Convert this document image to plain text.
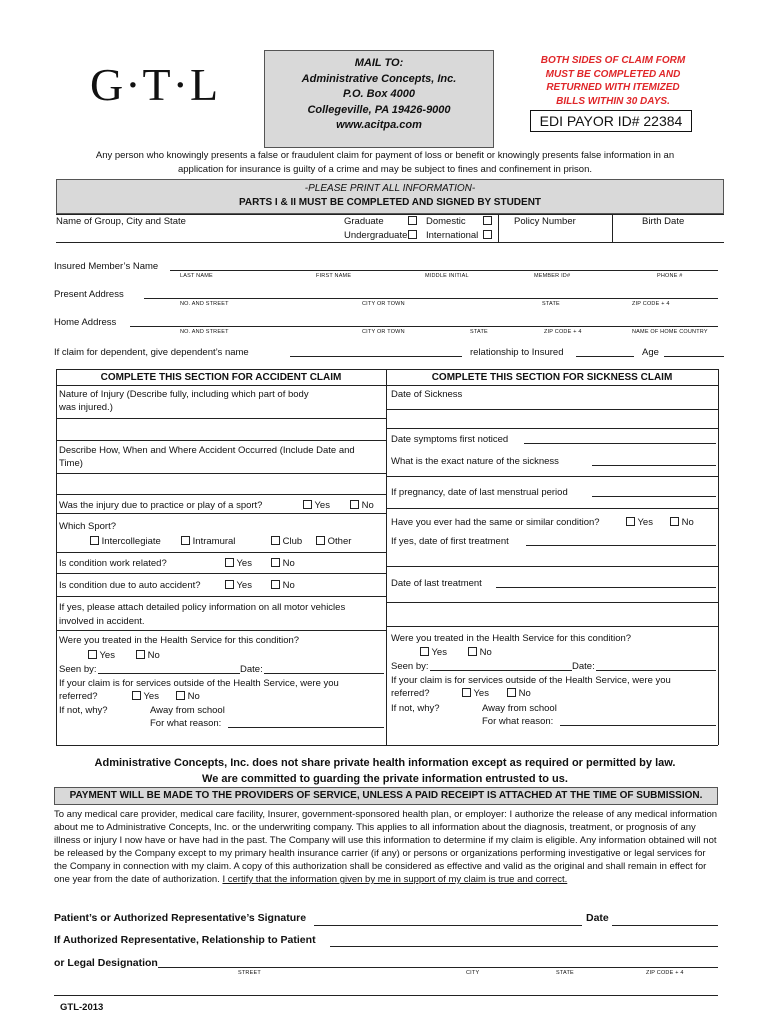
G·T·L	MAIL TO:
Administrative Concepts, Inc.
P.O. Box 4000
Collegeville, PA 19426-9000
www.acitpa.com
BOTH SIDES OF CLAIM FORM
MUST BE COMPLETED AND
RETURNED WITH ITEMIZED
BILLS WITHIN 30 DAYS.
EDI PAYOR ID# 22384
Any person who knowingly presents a false or fraudulent claim for payment of loss or benefit or knowingly presents false information in an
application for insurance is guilty of a crime and may be subject to fines and confinement in prison.
-PLEASE PRINT ALL INFORMATION-
PARTS I & II MUST BE COMPLETED AND SIGNED BY STUDENT
Name of Group, City and State	Graduate	Domestic
Undergraduate International
Policy Number	Birth Date
Insured Member’s Name
LAST NAME	FIRST NAME	MIDDLE INITIAL	MEMBER ID#	PHONE #
Present Address
NO. AND STREET	CITY OR TOWN	STATE	ZIP CODE + 4
Home Address
NO. AND STREET	CITY OR TOWN	STATE	ZIP CODE + 4	NAME OF HOME COUNTRY
If claim for dependent, give dependent’s name	relationship to Insured	Age
COMPLETE THIS SECTION FOR ACCIDENT CLAIM	COMPLETE THIS SECTION FOR SICKNESS CLAIM
Nature of Injury (Describe fully, including which part of body
was injured.)
Describe How, When and Where Accident Occurred (Include Date and
Time)
Was the injury due to practice or play of a sport?	Yes	No
Which Sport?
Intercollegiate	Intramural	Club	Other
Is condition work related?	Yes	No
Is condition due to auto accident?	Yes	No
If yes, please attach detailed policy information on all motor vehicles
involved in accident.
Were you treated in the Health Service for this condition?
Yes	No
Seen by:	Date:
If your claim is for services outside of the Health Service, were you
referred?	Yes	No
If not, why?	Away from school
For what reason:
Date of Sickness
Date symptoms first noticed
What is the exact nature of the sickness
If pregnancy, date of last menstrual period
Have you ever had the same or similar condition?	Yes	No
If yes, date of first treatment
Date of last treatment
Were you treated in the Health Service for this condition?
Yes	No
Seen by:	Date:
If your claim is for services outside of the Health Service, were you
referred?	Yes	No
If not, why?	Away from school
For what reason:
Administrative Concepts, Inc. does not share private health information except as required or permitted by law.
We are committed to guarding the private information entrusted to us.
PAYMENT WILL BE MADE TO THE PROVIDERS OF SERVICE, UNLESS A PAID RECEIPT IS ATTACHED AT THE TIME OF SUBMISSION.
To any medical care provider, medical care facility, Insurer, government-sponsored health plan, or employer: I authorize the release of any medical information about me to Administrative Concepts, Inc. or the underwriting company. This applies to all information about the diagnosis, treatment, or prognosis of any illness or injury I now have or have had in the past. The Company will use this information to determine if my claim is eligible. Any information obtained will not be released by the Company except to my primary health insurance carrier (if any) or persons or organizations performing investigative or legal services for the Company in connection with my claim. A copy of this authorization shall be considered as effective and valid as the original and shall remain in effect for one year from the date of authorization. I certify that the information given by me in support of my claim is true and correct.
Patient’s or Authorized Representative’s Signature	Date
If Authorized Representative, Relationship to Patient
or Legal Designation
STREET	CITY	STATE	ZIP CODE + 4
GTL-2013
